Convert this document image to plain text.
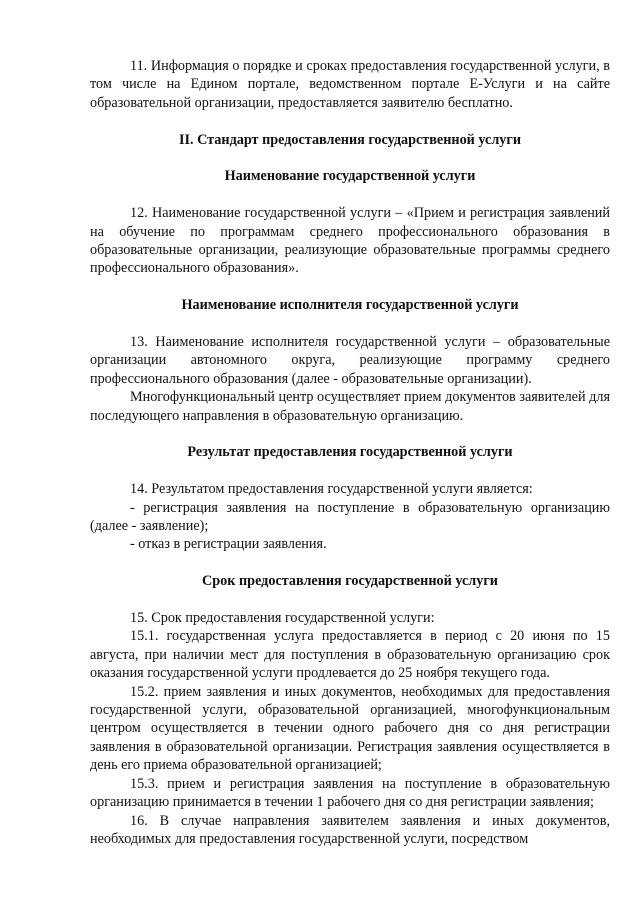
11. Информация о порядке и сроках предоставления государственной услуги, в том числе на Едином портале, ведомственном портале Е-Услуги и на сайте образовательной организации, предоставляется заявителю бесплатно.

II. Стандарт предоставления государственной услуги

Наименование государственной услуги

12. Наименование государственной услуги – «Прием и регистрация заявлений на обучение по программам среднего профессионального образования в образовательные организации, реализующие образовательные программы среднего профессионального образования».

Наименование исполнителя государственной услуги

13. Наименование исполнителя государственной услуги – образовательные организации автономного округа, реализующие программу среднего профессионального образования (далее - образовательные организации).

Многофункциональный центр осуществляет прием документов заявителей для последующего направления в образовательную организацию.

Результат предоставления государственной услуги

14. Результатом предоставления государственной услуги является:

- регистрация заявления на поступление в образовательную организацию (далее - заявление);

- отказ в регистрации заявления.

Срок предоставления государственной услуги

15. Срок предоставления государственной услуги:

15.1. государственная услуга предоставляется в период с 20 июня по 15 августа, при наличии мест для поступления в образовательную организацию срок оказания государственной услуги продлевается до 25 ноября текущего года.

15.2. прием заявления и иных документов, необходимых для предоставления государственной услуги, образовательной организацией, многофункциональным центром осуществляется в течении одного рабочего дня со дня регистрации заявления в образовательной организации. Регистрация заявления осуществляется в день его приема образовательной организацией;

15.3. прием и регистрация заявления на поступление в образовательную организацию принимается в течении 1 рабочего дня со дня регистрации заявления;

16. В случае направления заявителем заявления и иных документов, необходимых для предоставления государственной услуги, посредством
